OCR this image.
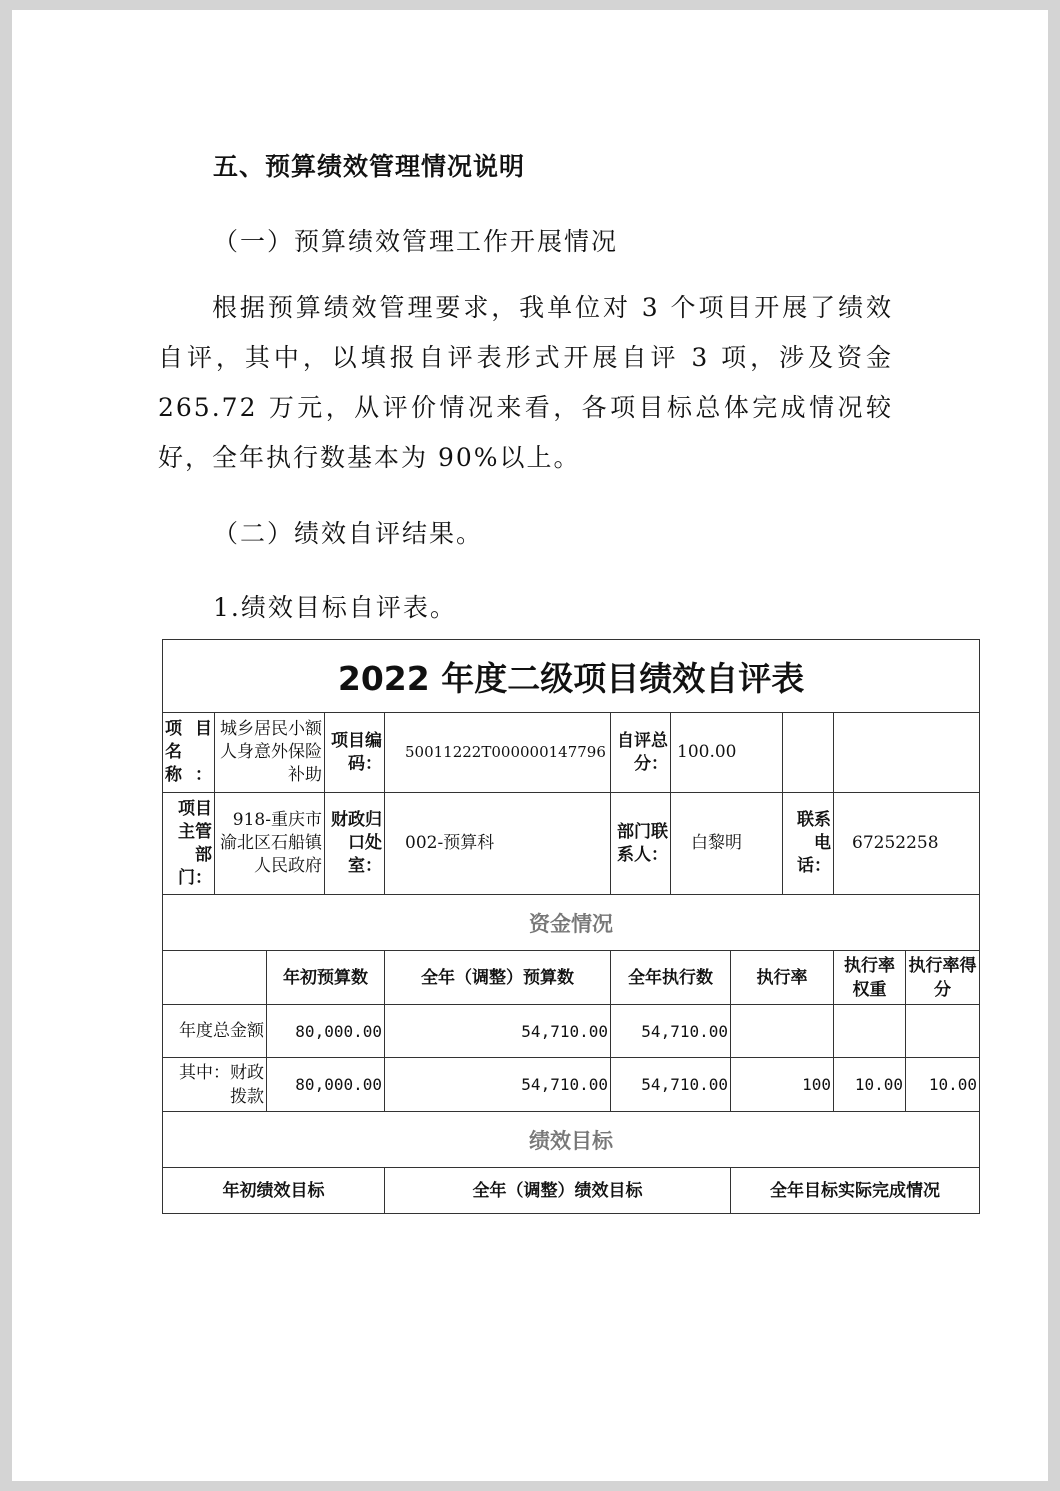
五、预算绩效管理情况说明
（一）预算绩效管理工作开展情况
根据预算绩效管理要求，我单位对 3 个项目开展了绩效自评，其中，以填报自评表形式开展自评 3 项，涉及资金 265.72 万元，从评价情况来看，各项目标总体完成情况较好，全年执行数基本为 90%以上。
（二）绩效自评结果。
1.绩效目标自评表。
2022 年度二级项目绩效自评表							
项目名称：	城乡居民小额人身意外保险补助	项目编码：	50011222T000000147796	自评总分：	100.00		
项目主管部门：	918-重庆市渝北区石船镇人民政府	财政归口处室：	002-预算科	部门联系人：	白黎明	联系电话：	67252258
资金情况							
	年初预算数	全年（调整）预算数	全年执行数	执行率	执行率权重	执行率得分
年度总金额	80,000.00	54,710.00	54,710.00			
其中：财政拨款	80,000.00	54,710.00	54,710.00	100	10.00	10.00
绩效目标						
年初绩效目标		全年（调整）绩效目标		全年目标实际完成情况		
